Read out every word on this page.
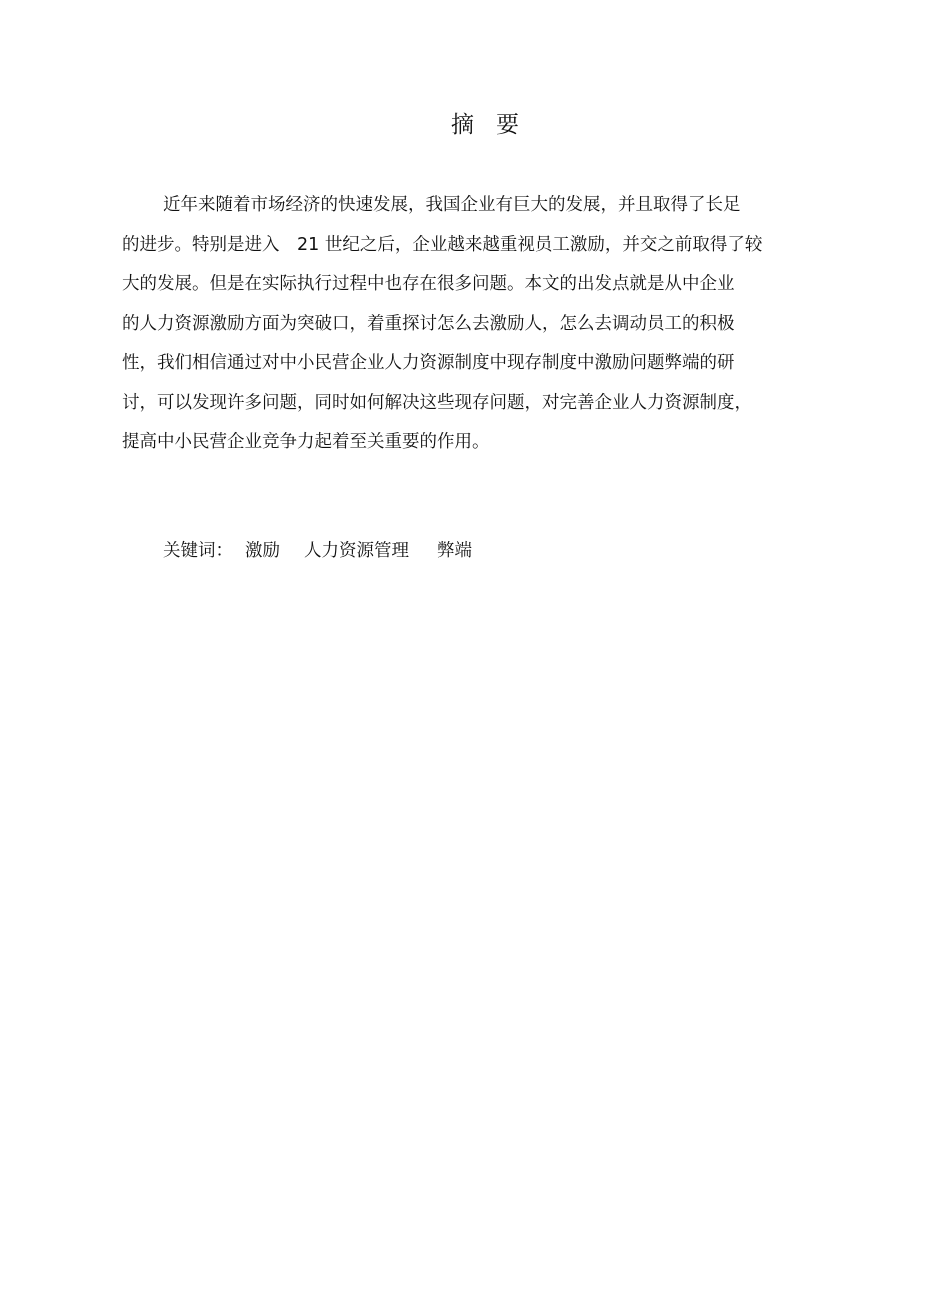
摘 要
近年来随着市场经济的快速发展，我国企业有巨大的发展，并且取得了长足
的进步。特别是进入　21 世纪之后，企业越来越重视员工激励，并交之前取得了较
大的发展。但是在实际执行过程中也存在很多问题。本文的出发点就是从中企业
的人力资源激励方面为突破口，着重探讨怎么去激励人，怎么去调动员工的积极
性，我们相信通过对中小民营企业人力资源制度中现存制度中激励问题弊端的研
讨，可以发现许多问题，同时如何解决这些现存问题，对完善企业人力资源制度，
提高中小民营企业竞争力起着至关重要的作用。
关键词： 激励 人力资源管理 弊端
